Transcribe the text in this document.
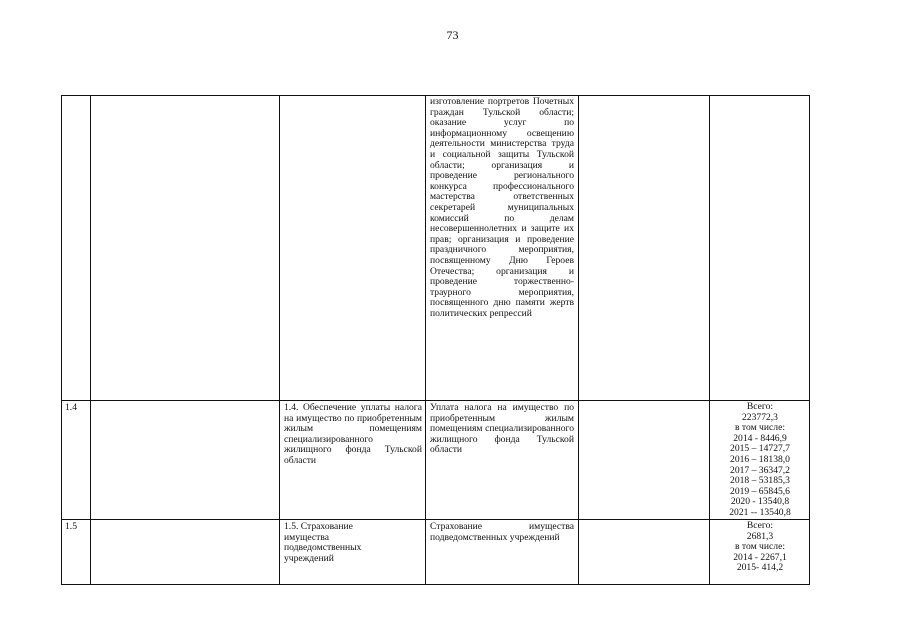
73
изготовление портретов Почетных граждан Тульской области; оказание услуг по информационному освещению деятельности министерства труда и социальной защиты Тульской области; организация и проведение регионального конкурса профессионального мастерства ответственных секретарей муниципальных комиссий по делам несовершеннолетних и защите их прав; организация и проведение праздничного мероприятия, посвященному Дню Героев Отечества; организация и проведение торжественно-траурного мероприятия, посвященного дню памяти жертв политических репрессий
1.4	1.4. Обеспечение уплаты налога на имущество по приобретенным жилым помещениям специализированного жилищного фонда Тульской области
Уплата налога на имущество по приобретенным жилым помещениям специализированного жилищного фонда Тульской области

Всего:

223772,3

в том числе:

2014 - 8446,9

2015 – 14727,7

2016 – 18138,0

2017 – 36347,2

2018 – 53185,3

2019 – 65845,6

2020 - 13540,8

2021 -- 13540,8

1.5	1.5. Страхование имущества подведомственных учреждений
Страхование имущества подведомственных учреждений

Всего:

2681,3

в том числе:

2014 - 2267,1

2015- 414,2
